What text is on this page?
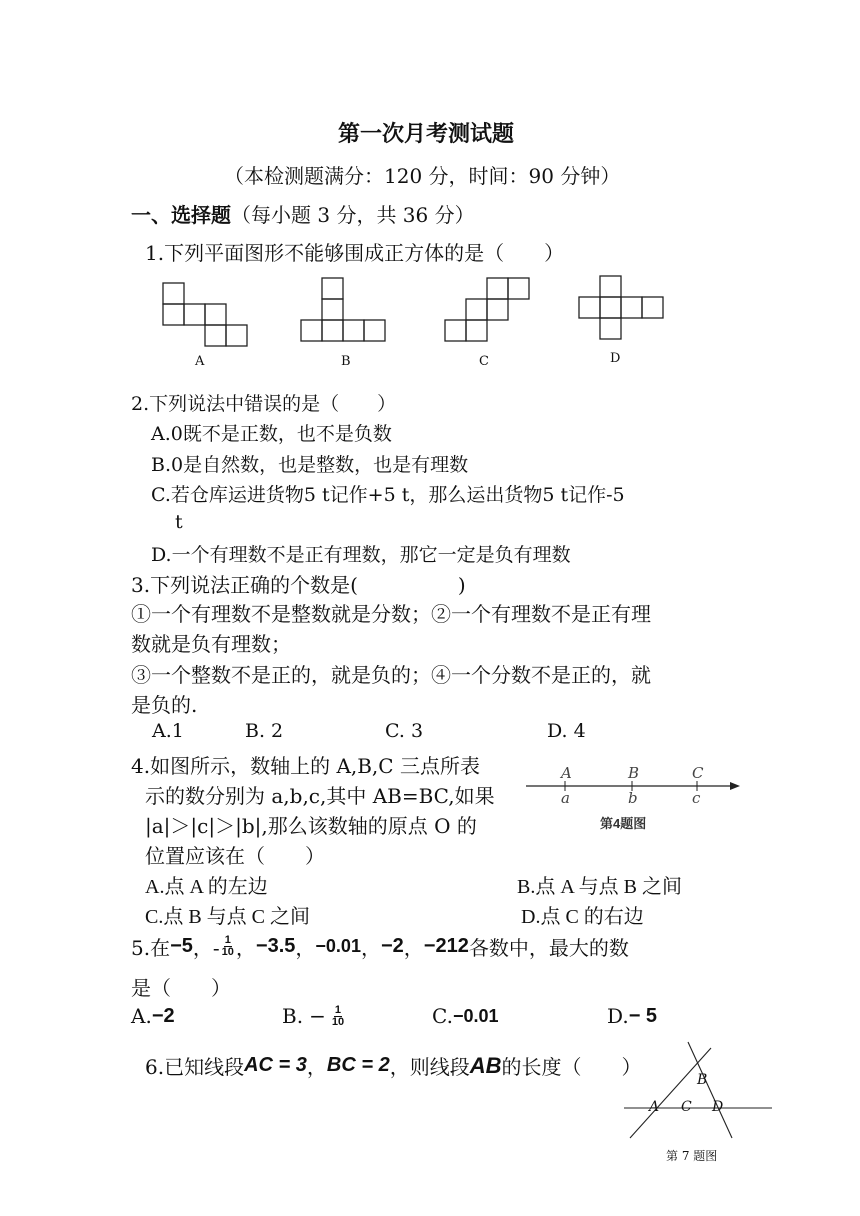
第一次月考测试题
（本检测题满分：120 分，时间：90 分钟）
一、选择题（每小题 3 分，共 36 分）
1.下列平面图形不能够围成正方体的是（　　）
A	B	C	D
2.下列说法中错误的是（　　）
A.0既不是正数，也不是负数
B.0是自然数，也是整数，也是有理数
C.若仓库运进货物5 t记作+5 t，那么运出货物5 t记作-5
t
D.一个有理数不是正有理数，那它一定是负有理数
3.下列说法正确的个数是(　　　　　)
①一个有理数不是整数就是分数；②一个有理数不是正有理
数就是负有理数；
③一个整数不是正的，就是负的；④一个分数不是正的，就
是负的.
A.1	B. 2	C. 3	D. 4
4.如图所示，数轴上的 A,B,C 三点所表
示的数分别为 a,b,c,其中 AB=BC,如果
|a|＞|c|＞|b|,那么该数轴的原点 O 的
位置应该在（　　）
A	B	C
a	b	c
第4题图
A.点 A 的左边	B.点 A 与点 B 之间
C.点 B 与点 C 之间	D.点 C 的右边
5.在 −5 ，- $\frac{1}{10}$ ， −3.5 ， −0.01 ， −2 ， −212 各数中，最大的数
是（　　）
A. −2	B. − $\frac{1}{10}$	C. −0.01	D. − 5
6.已知线段 AC = 3 ， BC = 2 ，则线段 AB 的长度（　　）
A C D
B
第 7 题图
